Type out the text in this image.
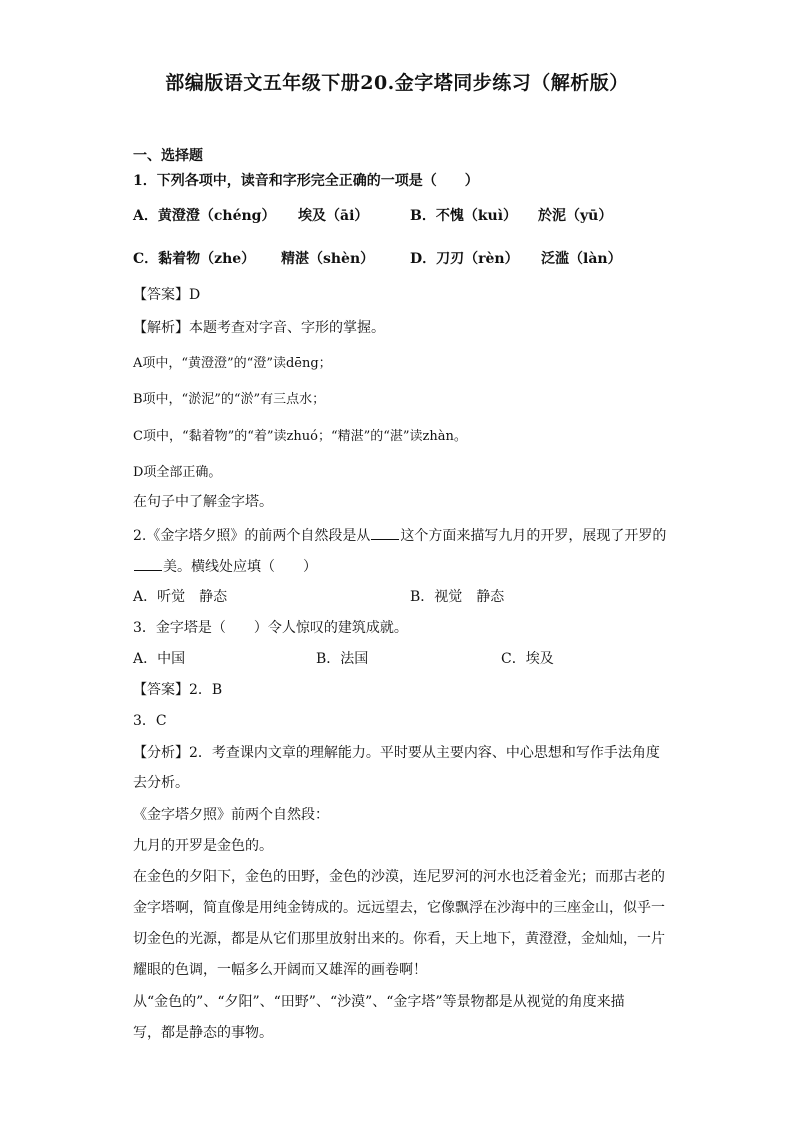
部编版语文五年级下册20.金字塔同步练习（解析版）
一、选择题
1．下列各项中，读音和字形完全正确的一项是（　　）
A．黄澄澄（chéng） 埃及（āi）	B．不愧（kuì） 於泥（yū）
C．黏着物（zhe） 精湛（shèn）	D．刀刃（rèn） 泛滥（làn）
【答案】D
【解析】本题考查对字音、字形的掌握。
A项中，“黄澄澄”的“澄”读dēng；
B项中，“淤泥”的“淤”有三点水；
C项中，“黏着物”的“着”读zhuó；“精湛”的“湛”读zhàn。
D项全部正确。
在句子中了解金字塔。
2.《金字塔夕照》的前两个自然段是从 这个方面来描写九月的开罗，展现了开罗的
美。横线处应填（　　）
A．听觉　静态	B．视觉　静态
3．金字塔是（　　）令人惊叹的建筑成就。
A．中国	B．法国	C．埃及
【答案】2．B
3．C
【分析】2．考查课内文章的理解能力。平时要从主要内容、中心思想和写作手法角度
去分析。
《金字塔夕照》前两个自然段：
九月的开罗是金色的。
在金色的夕阳下，金色的田野，金色的沙漠，连尼罗河的河水也泛着金光；而那古老的
金字塔啊，简直像是用纯金铸成的。远远望去，它像飘浮在沙海中的三座金山，似乎一
切金色的光源，都是从它们那里放射出来的。你看，天上地下，黄澄澄，金灿灿，一片
耀眼的色调，一幅多么开阔而又雄浑的画卷啊！
从“金色的”、“夕阳”、“田野”、“沙漠”、“金字塔”等景物都是从视觉的角度来描
写，都是静态的事物。
